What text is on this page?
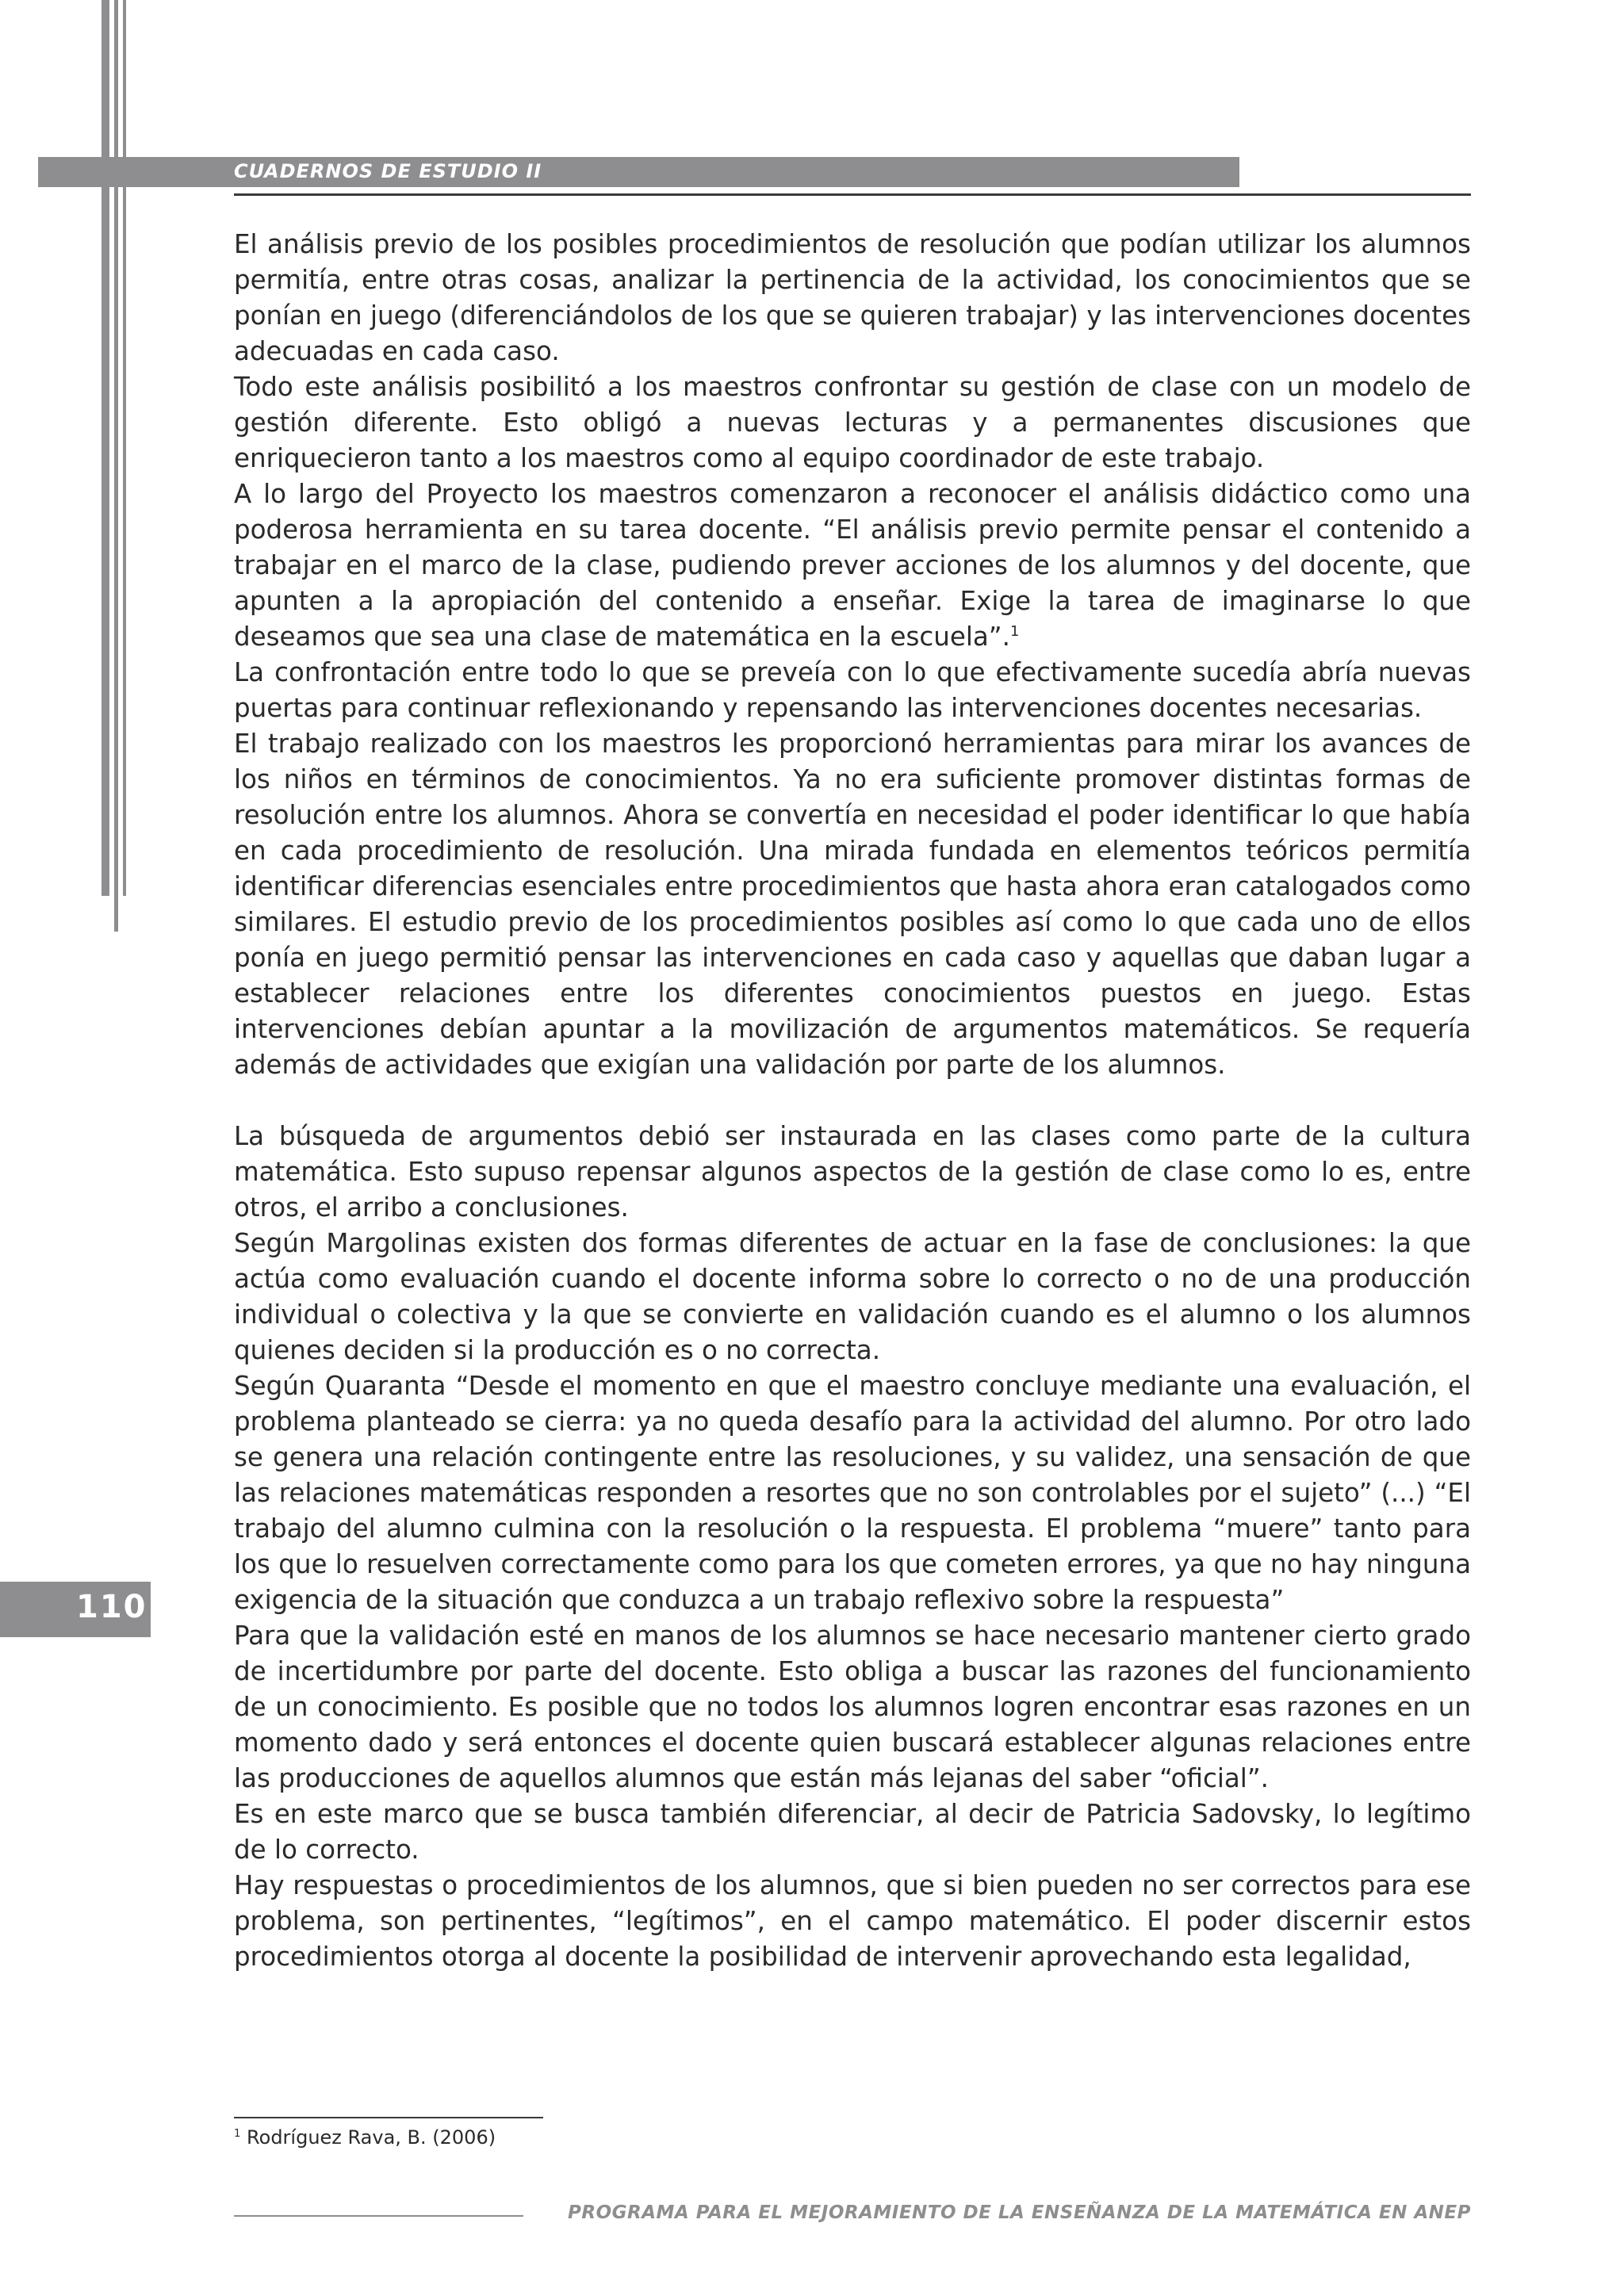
CUADERNOS DE ESTUDIO II
110

El análisis previo de los posibles procedimientos de resolución que podían utilizar los alumnos permitía, entre otras cosas, analizar la pertinencia de la actividad, los conocimientos que se ponían en juego (diferenciándolos de los que se quieren trabajar) y las intervenciones docentes adecuadas en cada caso.

Todo este análisis posibilitó a los maestros confrontar su gestión de clase con un modelo de gestión diferente. Esto obligó a nuevas lecturas y a permanentes discusiones que enriquecieron tanto a los maestros como al equipo coordinador de este trabajo.

A lo largo del Proyecto los maestros comenzaron a reconocer el análisis didáctico como una poderosa herramienta en su tarea docente. “El análisis previo permite pensar el contenido a trabajar en el marco de la clase, pudiendo prever acciones de los alumnos y del docente, que apunten a la apropiación del contenido a enseñar. Exige la tarea de imaginarse lo que deseamos que sea una clase de matemática en la escuela”.$^1$

La confrontación entre todo lo que se preveía con lo que efectivamente sucedía abría nuevas puertas para continuar reflexionando y repensando las intervenciones docentes necesarias.

El trabajo realizado con los maestros les proporcionó herramientas para mirar los avances de los niños en términos de conocimientos. Ya no era suficiente promover distintas formas de resolución entre los alumnos. Ahora se convertía en necesidad el poder identificar lo que había en cada procedimiento de resolución. Una mirada fundada en elementos teóricos permitía identificar diferencias esenciales entre procedimientos que hasta ahora eran catalogados como similares. El estudio previo de los procedimientos posibles así como lo que cada uno de ellos ponía en juego permitió pensar las intervenciones en cada caso y aquellas que daban lugar a establecer relaciones entre los diferentes conocimientos puestos en juego. Estas intervenciones debían apuntar a la movilización de argumentos matemáticos. Se requería además de actividades que exigían una validación por parte de los alumnos.

La búsqueda de argumentos debió ser instaurada en las clases como parte de la cultura matemática. Esto supuso repensar algunos aspectos de la gestión de clase como lo es, entre otros, el arribo a conclusiones.

Según Margolinas existen dos formas diferentes de actuar en la fase de conclusiones: la que actúa como evaluación cuando el docente informa sobre lo correcto o no de una producción individual o colectiva y la que se convierte en validación cuando es el alumno o los alumnos quienes deciden si la producción es o no correcta.

Según Quaranta “Desde el momento en que el maestro concluye mediante una evaluación, el problema planteado se cierra: ya no queda desafío para la actividad del alumno. Por otro lado se genera una relación contingente entre las resoluciones, y su validez, una sensación de que las relaciones matemáticas responden a resortes que no son controlables por el sujeto” (...) “El trabajo del alumno culmina con la resolución o la respuesta. El problema “muere” tanto para los que lo resuelven correctamente como para los que cometen errores, ya que no hay ninguna exigencia de la situación que conduzca a un trabajo reflexivo sobre la respuesta”

Para que la validación esté en manos de los alumnos se hace necesario mantener cierto grado de incertidumbre por parte del docente. Esto obliga a buscar las razones del funcionamiento de un conocimiento. Es posible que no todos los alumnos logren encontrar esas razones en un momento dado y será entonces el docente quien buscará establecer algunas relaciones entre las producciones de aquellos alumnos que están más lejanas del saber “oficial”.

Es en este marco que se busca también diferenciar, al decir de Patricia Sadovsky, lo legítimo de lo correcto.

Hay respuestas o procedimientos de los alumnos, que si bien pueden no ser correctos para ese problema, son pertinentes, “legítimos”, en el campo matemático. El poder discernir estos procedimientos otorga al docente la posibilidad de intervenir aprovechando esta legalidad,

$^1$ Rodríguez Rava, B. (2006)
PROGRAMA PARA EL MEJORAMIENTO DE LA ENSEÑANZA DE LA MATEMÁTICA EN ANEP
